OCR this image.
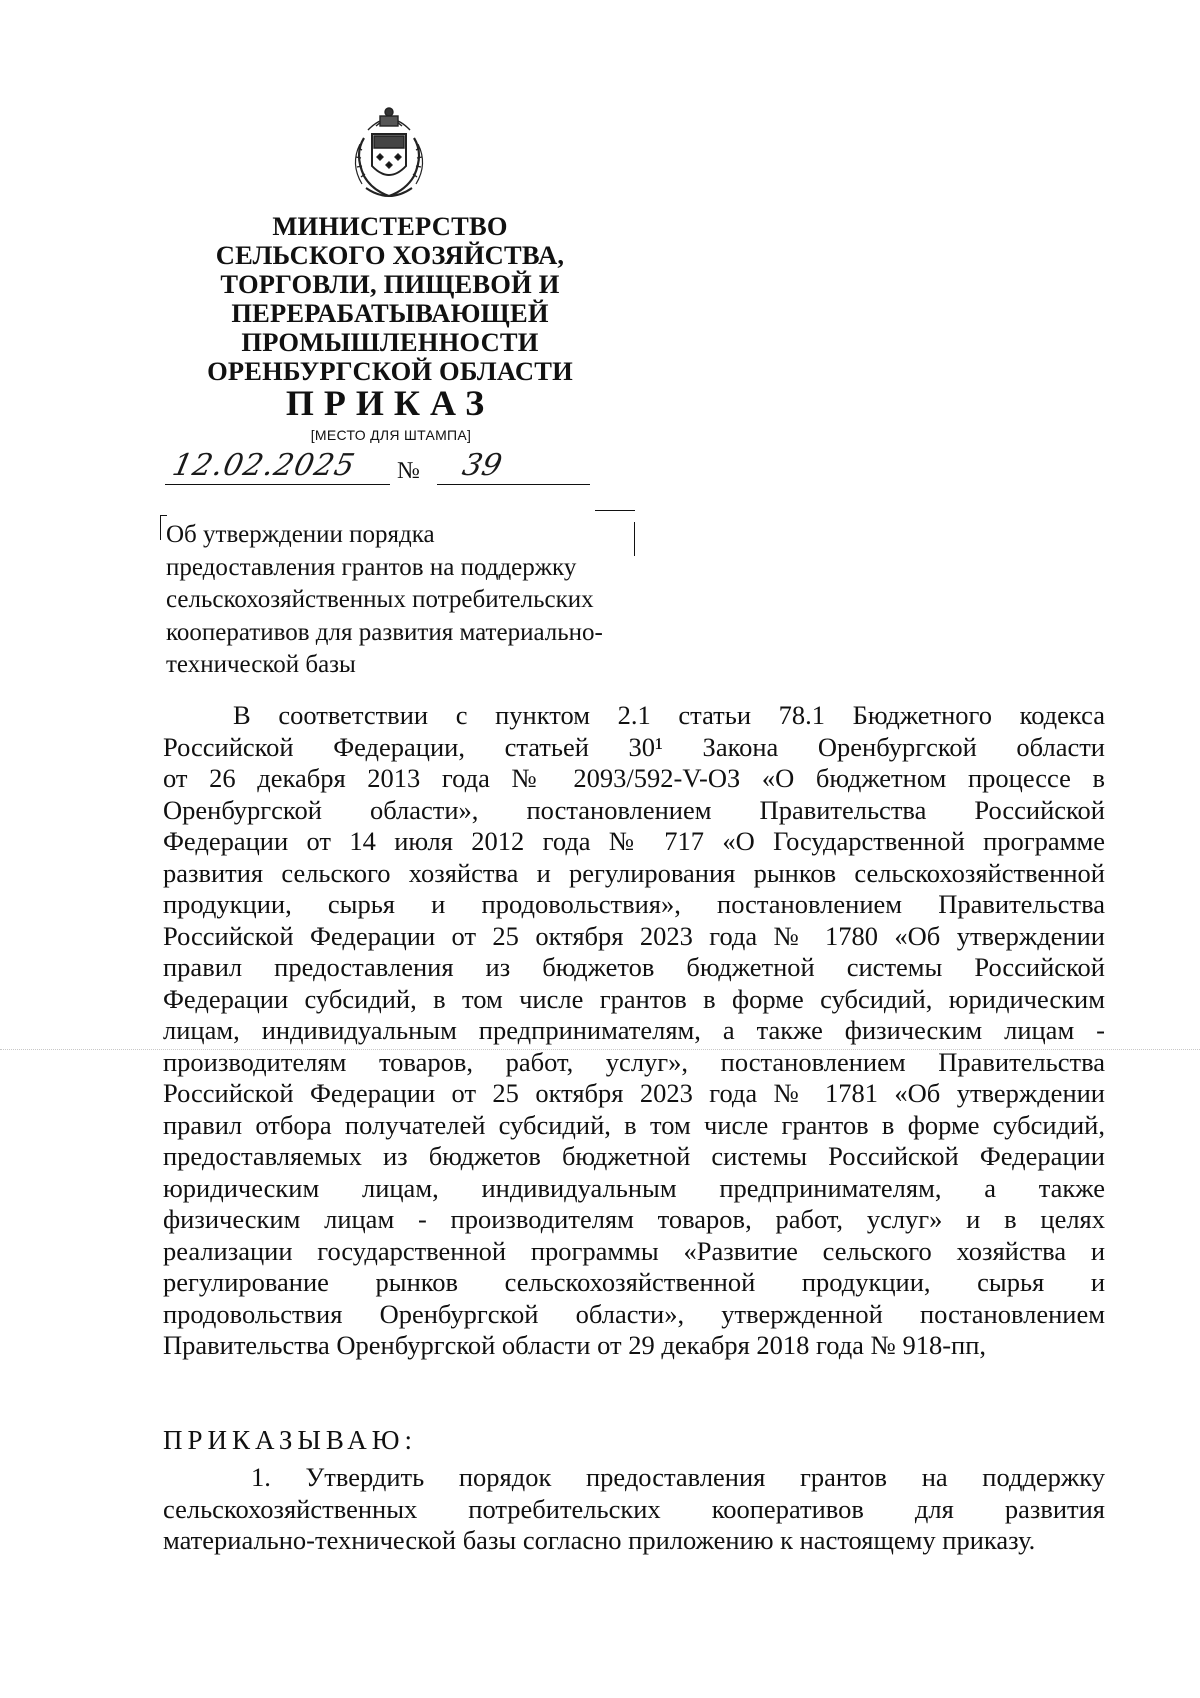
МИНИСТЕРСТВО
СЕЛЬСКОГО ХОЗЯЙСТВА,
ТОРГОВЛИ, ПИЩЕВОЙ И
ПЕРЕРАБАТЫВАЮЩЕЙ
ПРОМЫШЛЕННОСТИ
ОРЕНБУРГСКОЙ ОБЛАСТИ
ПРИКАЗ
[МЕСТО ДЛЯ ШТАМПА]
12.02.2025 № 39
Об утверждении порядка
предоставления грантов на поддержку
сельскохозяйственных потребительских
кооперативов для развития материально-
технической базы
В соответствии с пунктом 2.1 статьи 78.1 Бюджетного кодекса
Российской Федерации, статьей 30¹ Закона Оренбургской области
от 26 декабря 2013 года № 2093/592-V-ОЗ «О бюджетном процессе в
Оренбургской области», постановлением Правительства Российской
Федерации от 14 июля 2012 года № 717 «О Государственной программе
развития сельского хозяйства и регулирования рынков сельскохозяйственной
продукции, сырья и продовольствия», постановлением Правительства
Российской Федерации от 25 октября 2023 года № 1780 «Об утверждении
правил предоставления из бюджетов бюджетной системы Российской
Федерации субсидий, в том числе грантов в форме субсидий, юридическим
лицам, индивидуальным предпринимателям, а также физическим лицам -
производителям товаров, работ, услуг», постановлением Правительства
Российской Федерации от 25 октября 2023 года № 1781 «Об утверждении
правил отбора получателей субсидий, в том числе грантов в форме субсидий,
предоставляемых из бюджетов бюджетной системы Российской Федерации
юридическим лицам, индивидуальным предпринимателям, а также
физическим лицам - производителям товаров, работ, услуг» и в целях
реализации государственной программы «Развитие сельского хозяйства и
регулирование рынков сельскохозяйственной продукции, сырья и
продовольствия Оренбургской области», утвержденной постановлением
Правительства Оренбургской области от 29 декабря 2018 года № 918-пп,
ПРИКАЗЫВАЮ:
1. Утвердить порядок предоставления грантов на поддержку
сельскохозяйственных потребительских кооперативов для развития
материально-технической базы согласно приложению к настоящему приказу.
